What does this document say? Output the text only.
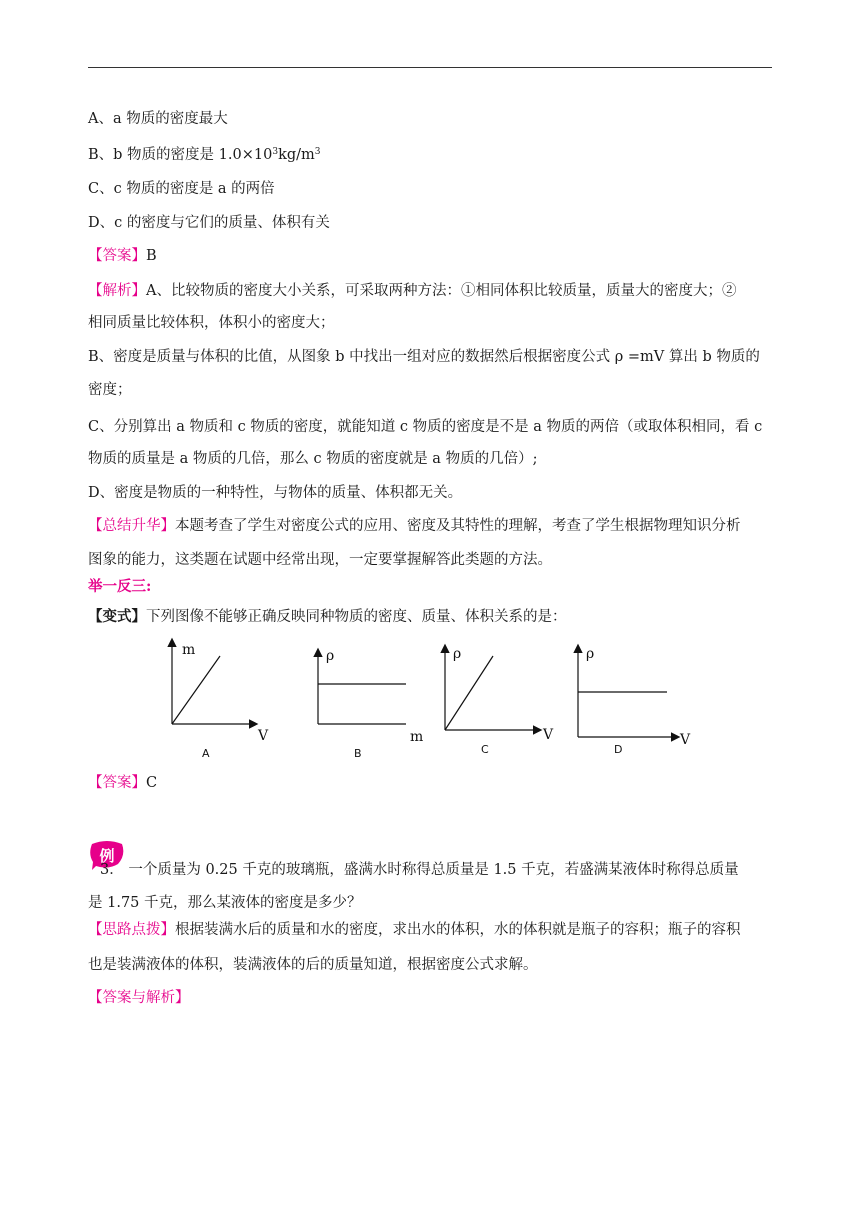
A、a 物质的密度最大
B、b 物质的密度是 $1.0\times 10^3kg/m^3$
C、c 物质的密度是 a 的两倍
D、c 的密度与它们的质量、体积有关
【答案】B
【解析】A、比较物质的密度大小关系，可采取两种方法：①相同体积比较质量，质量大的密度大；②
相同质量比较体积，体积小的密度大；
B、密度是质量与体积的比值，从图象 b 中找出一组对应的数据然后根据密度公式 ρ =mV 算出 b 物质的
密度；
C、分别算出 a 物质和 c 物质的密度，就能知道 c 物质的密度是不是 a 物质的两倍（或取体积相同，看 c
物质的质量是 a 物质的几倍，那么 c 物质的密度就是 a 物质的几倍）;
D、密度是物质的一种特性，与物体的质量、体积都无关。
【总结升华】本题考查了学生对密度公式的应用、密度及其特性的理解，考查了学生根据物理知识分析
图象的能力，这类题在试题中经常出现，一定要掌握解答此类题的方法。
举一反三:
【变式】下列图像不能够正确反映同种物质的密度、质量、体积关系的是：
m
V
A
ρ
m
B
ρ
V
C
ρ
V
D
【答案】C
例
3． 一个质量为 0.25 千克的玻璃瓶，盛满水时称得总质量是 1.5 千克，若盛满某液体时称得总质量
是 1.75 千克，那么某液体的密度是多少？
【思路点拨】根据装满水后的质量和水的密度，求出水的体积，水的体积就是瓶子的容积；瓶子的容积
也是装满液体的体积，装满液体的后的质量知道，根据密度公式求解。
【答案与解析】
